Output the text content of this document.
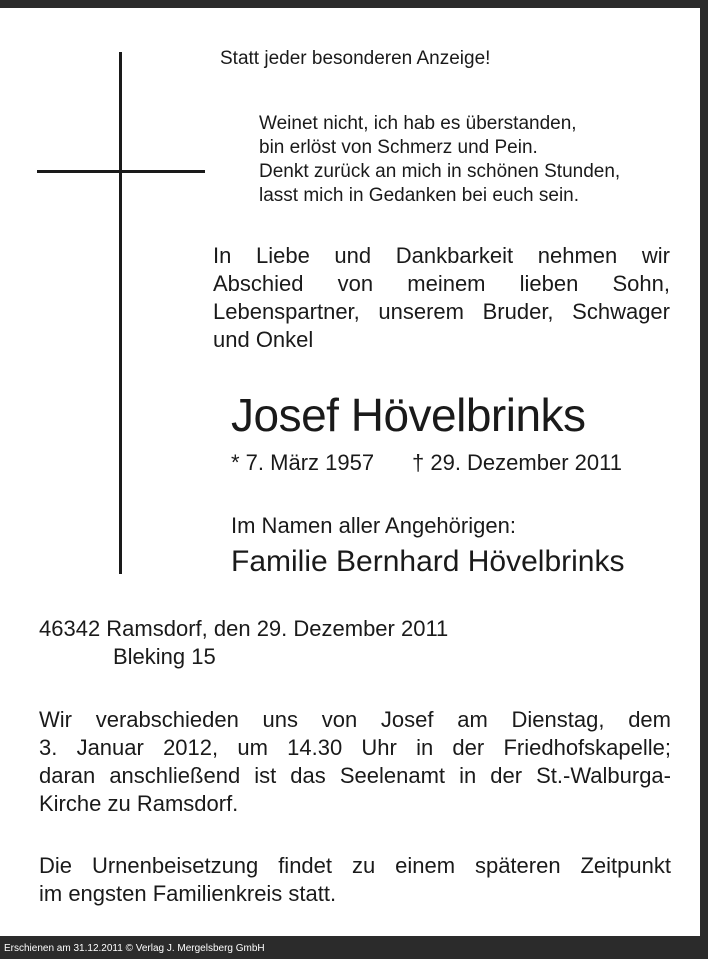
Statt jeder besonderen Anzeige!
Weinet nicht, ich hab es überstanden,
bin erlöst von Schmerz und Pein.
Denkt zurück an mich in schönen Stunden,
lasst mich in Gedanken bei euch sein.
In Liebe und Dankbarkeit nehmen wir
Abschied von meinem lieben Sohn,
Lebenspartner, unserem Bruder, Schwager
und Onkel
Josef Hövelbrinks
* 7. März 1957 † 29. Dezember 2011
Im Namen aller Angehörigen:
Familie Bernhard Hövelbrinks
46342 Ramsdorf, den 29. Dezember 2011
Bleking 15
Wir verabschieden uns von Josef am Dienstag, dem
3. Januar 2012, um 14.30 Uhr in der Friedhofskapelle;
daran anschließend ist das Seelenamt in der St.-Walburga-
Kirche zu Ramsdorf.
Die Urnenbeisetzung findet zu einem späteren Zeitpunkt
im engsten Familienkreis statt.
Erschienen am 31.12.2011 © Verlag J. Mergelsberg GmbH
